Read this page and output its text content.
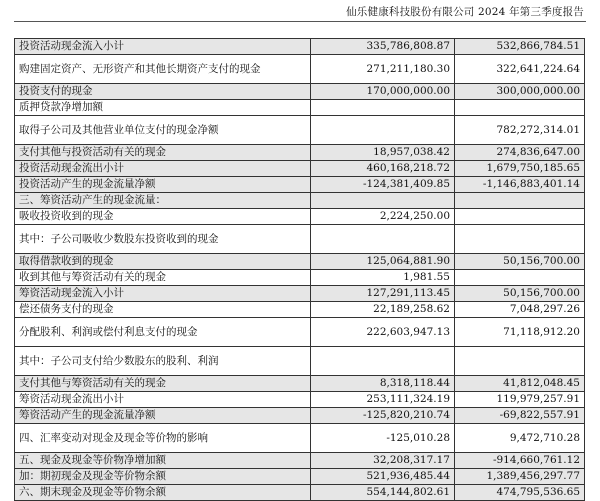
仙乐健康科技股份有限公司 2024 年第三季度报告
投资活动现金流入小计	335,786,808.87	532,866,784.51
购建固定资产、无形资产和其他长期资产支付的现金	271,211,180.30	322,641,224.64
投资支付的现金	170,000,000.00	300,000,000.00
质押贷款净增加额		
取得子公司及其他营业单位支付的现金净额		782,272,314.01
支付其他与投资活动有关的现金	18,957,038.42	274,836,647.00
投资活动现金流出小计	460,168,218.72	1,679,750,185.65
投资活动产生的现金流量净额	-124,381,409.85	-1,146,883,401.14
三、筹资活动产生的现金流量：		
吸收投资收到的现金	2,224,250.00	
其中：子公司吸收少数股东投资收到的现金		
取得借款收到的现金	125,064,881.90	50,156,700.00
收到其他与筹资活动有关的现金	1,981.55	
筹资活动现金流入小计	127,291,113.45	50,156,700.00
偿还债务支付的现金	22,189,258.62	7,048,297.26
分配股利、利润或偿付利息支付的现金	222,603,947.13	71,118,912.20
其中：子公司支付给少数股东的股利、利润		
支付其他与筹资活动有关的现金	8,318,118.44	41,812,048.45
筹资活动现金流出小计	253,111,324.19	119,979,257.91
筹资活动产生的现金流量净额	-125,820,210.74	-69,822,557.91
四、汇率变动对现金及现金等价物的影响	-125,010.28	9,472,710.28
五、现金及现金等价物净增加额	32,208,317.17	-914,660,761.12
加：期初现金及现金等价物余额	521,936,485.44	1,389,456,297.77
六、期末现金及现金等价物余额	554,144,802.61	474,795,536.65
